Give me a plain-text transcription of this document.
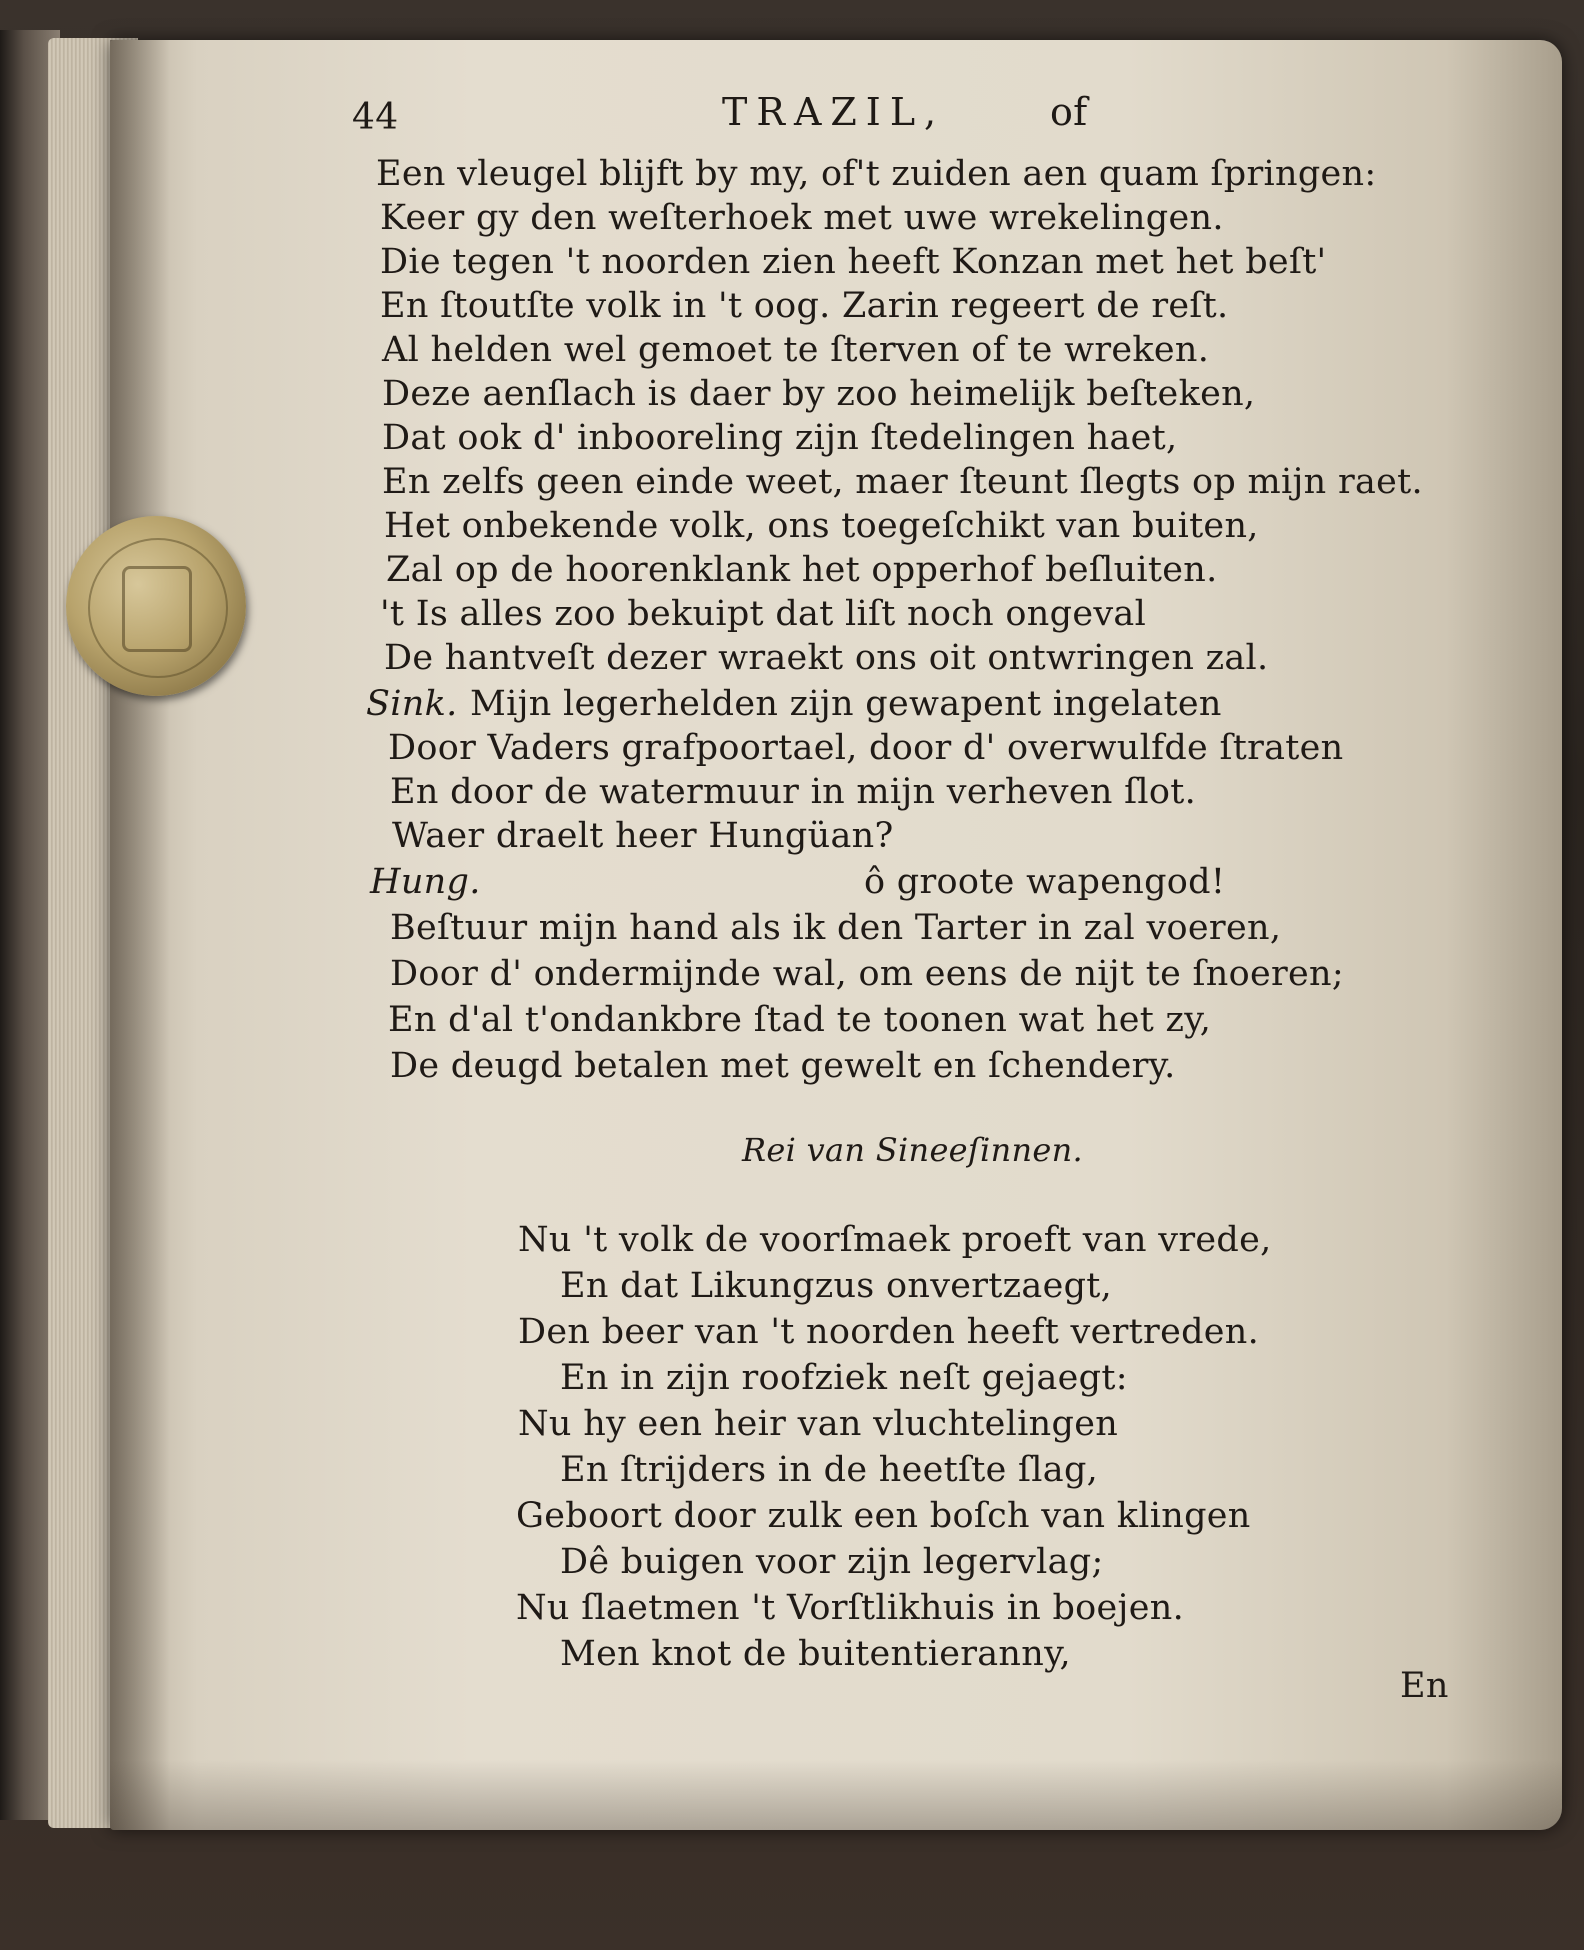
44	TRAZIL,	of
Een vleugel blijft by my, of't zuiden aen quam ſpringen:
Keer gy den weſterhoek met uwe wrekelingen.
Die tegen 't noorden zien heeft Konzan met het beſt'
En ſtoutſte volk in 't oog. Zarin regeert de reſt.
Al helden wel gemoet te ſterven of te wreken.
Deze aenſlach is daer by zoo heimelijk beſteken,
Dat ook d' inbooreling zijn ſtedelingen haet,
En zelfs geen einde weet, maer ſteunt ſlegts op mijn raet.
Het onbekende volk, ons toegeſchikt van buiten,
Zal op de hoorenklank het opperhof beſluiten.
't Is alles zoo bekuipt dat liſt noch ongeval
De hantveſt dezer wraekt ons oit ontwringen zal.
Sink. Mijn legerhelden zijn gewapent ingelaten
Door Vaders grafpoortael, door d' overwulfde ſtraten
En door de watermuur in mijn verheven ſlot.
Waer draelt heer Hungüan?
Hung.	ô groote wapengod!
Beſtuur mijn hand als ik den Tarter in zal voeren,
Door d' ondermijnde wal, om eens de nijt te ſnoeren;
En d'al t'ondankbre ſtad te toonen wat het zy,
De deugd betalen met gewelt en ſchendery.
Rei van Sineeſinnen.
Nu 't volk de voorſmaek proeft van vrede,
En dat Likungzus onvertzaegt,
Den beer van 't noorden heeft vertreden.
En in zijn roofziek neſt gejaegt:
Nu hy een heir van vluchtelingen
En ſtrijders in de heetſte ſlag,
Geboort door zulk een boſch van klingen
Dê buigen voor zijn legervlag;
Nu ſlaetmen 't Vorſtlikhuis in boejen.
Men knot de buitentieranny,
En
